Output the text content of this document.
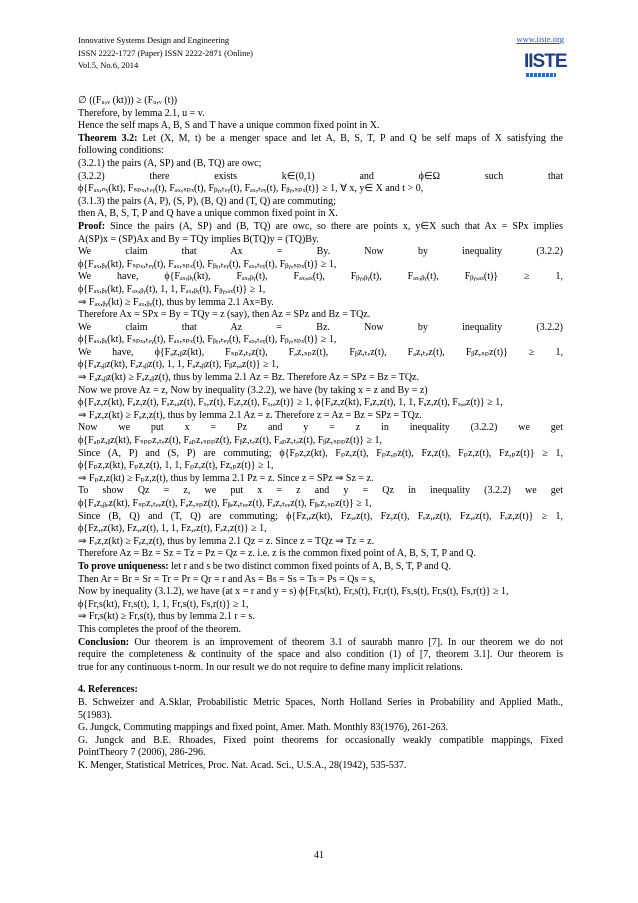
Innovative Systems Design and Engineering
ISSN 2222-1727 (Paper) ISSN 2222-2871 (Online)
Vol.5, No.6, 2014
www.iiste.org
IISTE
∅ ((Fᵤ,ᵥ (kt))) ≥ (Fᵤ,ᵥ (t))
Therefore, by lemma 2.1, u = v.
Hence the self maps A, B, S and T have a unique common fixed point in X.
Theorem 3.2: Let (X, M, t) be a menger space and let A, B, S, T, P and Q be self maps of X satisfying the
following conditions:
(3.2.1) the pairs (A, SP) and (B, TQ) are owc;
(3.2.2) there exists k∈(0,1) and ϕ∈Ω such that
ϕ{Fₐₓ,ₙᵧ(kt), Fₛₚₓ,ₜₑᵧ(t), Fₐₓ,ₛₚₓ(t), Fᵦᵧ,ₜₑᵧ(t), Fₐₓ,ₜₑᵧ(t), Fᵦᵧ,ₛₚₓ(t)} ≥ 1, ∀ x, y∈ X and t > 0,
(3.1.3) the pairs (A, P), (S, P), (B, Q) and (T, Q) are commuting;
then A, B, S, T, P and Q have a unique common fixed point in X.
Proof: Since the pairs (A, SP) and (B, TQ) are owc, so there are points x, y∈X such that Ax = SPx implies
A(SP)x = (SP)Ax and By = TQy implies B(TQ)y = (TQ)By.
We claim that Ax = By. Now by inequality (3.2.2)
ϕ{Fₐₓ,ᵦᵧ(kt), Fₛₚₓ,ₜₑᵧ(t), Fₐₓ,ₛₚₓ(t), Fᵦᵧ,ₜₑᵧ(t), Fₐₓ,ₜₑᵧ(t), Fᵦᵧ,ₛₚₓ(t)} ≥ 1,
We have, ϕ{Fₐₓ,ᵦᵧ(kt), Fₐₓ,ᵦᵧ(t), Fₐₓ,ₐₓ(t), Fᵦᵧ,ᵦᵧ(t), Fₐₓ,ᵦᵧ(t), Fᵦᵧ,ₐₓ(t)} ≥ 1,
ϕ{Fₐₓ,ᵦᵧ(kt), Fₐₓ,ᵦᵧ(t), 1, 1, Fₐₓ,ᵦᵧ(t), Fᵦᵧ,ₐₓ(t)} ≥ 1,
⇒ Fₐₓ,ᵦᵧ(kt) ≥ Fₐₓ,ᵦᵧ(t), thus by lemma 2.1 Ax=By.
Therefore Ax = SPx = By = TQy = z (say), then Az = SPz and Bz = TQz.
We claim that Az = Bz. Now by inequality (3.2.2)
ϕ{Fₐₓ,ᵦᵧ(kt), Fₛₚₓ,ₜₑᵧ(t), Fₐₓ,ₛₚₓ(t), Fᵦᵧ,ₜₑᵧ(t), Fₐₓ,ₜₑᵧ(t), Fᵦᵧ,ₛₚₓ(t)} ≥ 1,
We have, ϕ{Fₐz,ᵦz(kt), Fₛₚz,ₜₑz(t), Fₐz,ₛₚz(t), Fᵦz,ₜₑz(t), Fₐz,ₜₑz(t), Fᵦz,ₛₚz(t)} ≥ 1,
ϕ{Fₐz,ᵦz(kt), Fₐz,ᵦz(t), 1, 1, Fₐz,ᵦz(t), Fᵦz,ₐz(t)} ≥ 1,
⇒ Fₐz,ᵦz(kt) ≥ Fₐz,ᵦz(t), thus by lemma 2.1 Az = Bz. Therefore Az = SPz = Bz = TQz.
Now we prove Az = z, Now by inequality (3.2.2), we have (by taking x = z and By = z)
ϕ{Fₐz,z(kt), Fₐz,z(t), Fₐz,ₐz(t), Fₓ,z(t), Fₐz,z(t), Fₓ,ₐz(t)} ≥ 1, ϕ{Fₐz,z(kt), Fₐz,z(t), 1, 1, Fₐz,z(t), Fₓ,ₐz(t)} ≥ 1,
⇒ Fₐz,z(kt) ≥ Fₐz,z(t), thus by lemma 2.1 Az = z. Therefore z = Az = Bz = SPz = TQz.
Now we put x = Pz and y = z in inequality (3.2.2) we get
ϕ{Fₐₚz,ᵦz(kt), Fₛₚₚz,ₜₑz(t), Fₐₚz,ₛₚₚz(t), Fᵦz,ₜₑz(t), Fₐₚz,ₜₑz(t), Fᵦz,ₛₚₚz(t)} ≥ 1,
Since (A, P) and (S, P) are commuting; ϕ{Fₚz,z(kt), Fₚz,z(t), Fₚz,ₚz(t), Fz,z(t), Fₚz,z(t), Fz,ₚz(t)} ≥ 1,
ϕ{Fₚz,z(kt), Fₚz,z(t), 1, 1, Fₚz,z(t), Fz,ₚz(t)} ≥ 1,
⇒ Fₚz,z(kt) ≥ Fₚz,z(t), thus by lemma 2.1 Pz = z. Since z = SPz ⇒ Sz = z.
To show Qz = z, we put x = z and y = Qz in inequality (3.2.2) we get
ϕ{Fₐz,ᵦₑz(kt), Fₛₚz,ₜₑₑz(t), Fₐz,ₛₚz(t), Fᵦₑz,ₜₑₑz(t), Fₐz,ₜₑₑz(t), Fᵦₑz,ₛₚz(t)} ≥ 1,
Since (B, Q) and (T, Q) are commuting; ϕ{Fz,ₑz(kt), Fz,ₑz(t), Fz,z(t), Fₑz,ₑz(t), Fz,ₑz(t), Fₑz,z(t)} ≥ 1,
ϕ{Fz,ₑz(kt), Fz,ₑz(t), 1, 1, Fz,ₑz(t), Fₑz,z(t)} ≥ 1,
⇒ Fₑz,z(kt) ≥ Fₑz,z(t), thus by lemma 2.1 Qz = z. Since z = TQz ⇒ Tz = z.
Therefore Az = Bz = Sz = Tz = Pz = Qz = z. i.e. z is the common fixed point of A, B, S, T, P and Q.
To prove uniqueness: let r and s be two distinct common fixed points of A, B, S, T, P and Q.
Then Ar = Br = Sr = Tr = Pr = Qr = r and As = Bs = Ss = Ts = Ps = Qs = s,
Now by inequality (3.1.2), we have (at x = r and y = s) ϕ{Fr,s(kt), Fr,s(t), Fr,r(t), Fs,s(t), Fr,s(t), Fs,r(t)} ≥ 1,
ϕ{Fr,s(kt), Fr,s(t), 1, 1, Fr,s(t), Fs,r(t)} ≥ 1,
⇒ Fr,s(kt) ≥ Fr,s(t), thus by lemma 2.1 r = s.
This completes the proof of the theorem.
Conclusion: Our theorem is an improvement of theorem 3.1 of saurabh manro [7]. In our theorem we do not
require the completeness & continuity of the space and also condition (1) of [7, theorem 3.1]. Our theorem is
true for any continuous t-norm. In our result we do not require to define many implicit relations.
4. References:
B. Schweizer and A.Sklar, Probabilistic Metric Spaces, North Holland Series in Probability and Applied Math.,
5(1983).
G. Jungck, Commuting mappings and fixed point, Amer. Math. Monthly 83(1976), 261-263.
G. Jungck and B.E. Rhoades, Fixed point theorems for occasionally weakly compatible mappings, Fixed
PointTheory 7 (2006), 286-296.
K. Menger, Statistical Metrices, Proc. Nat. Acad. Sci., U.S.A., 28(1942), 535-537.
41
